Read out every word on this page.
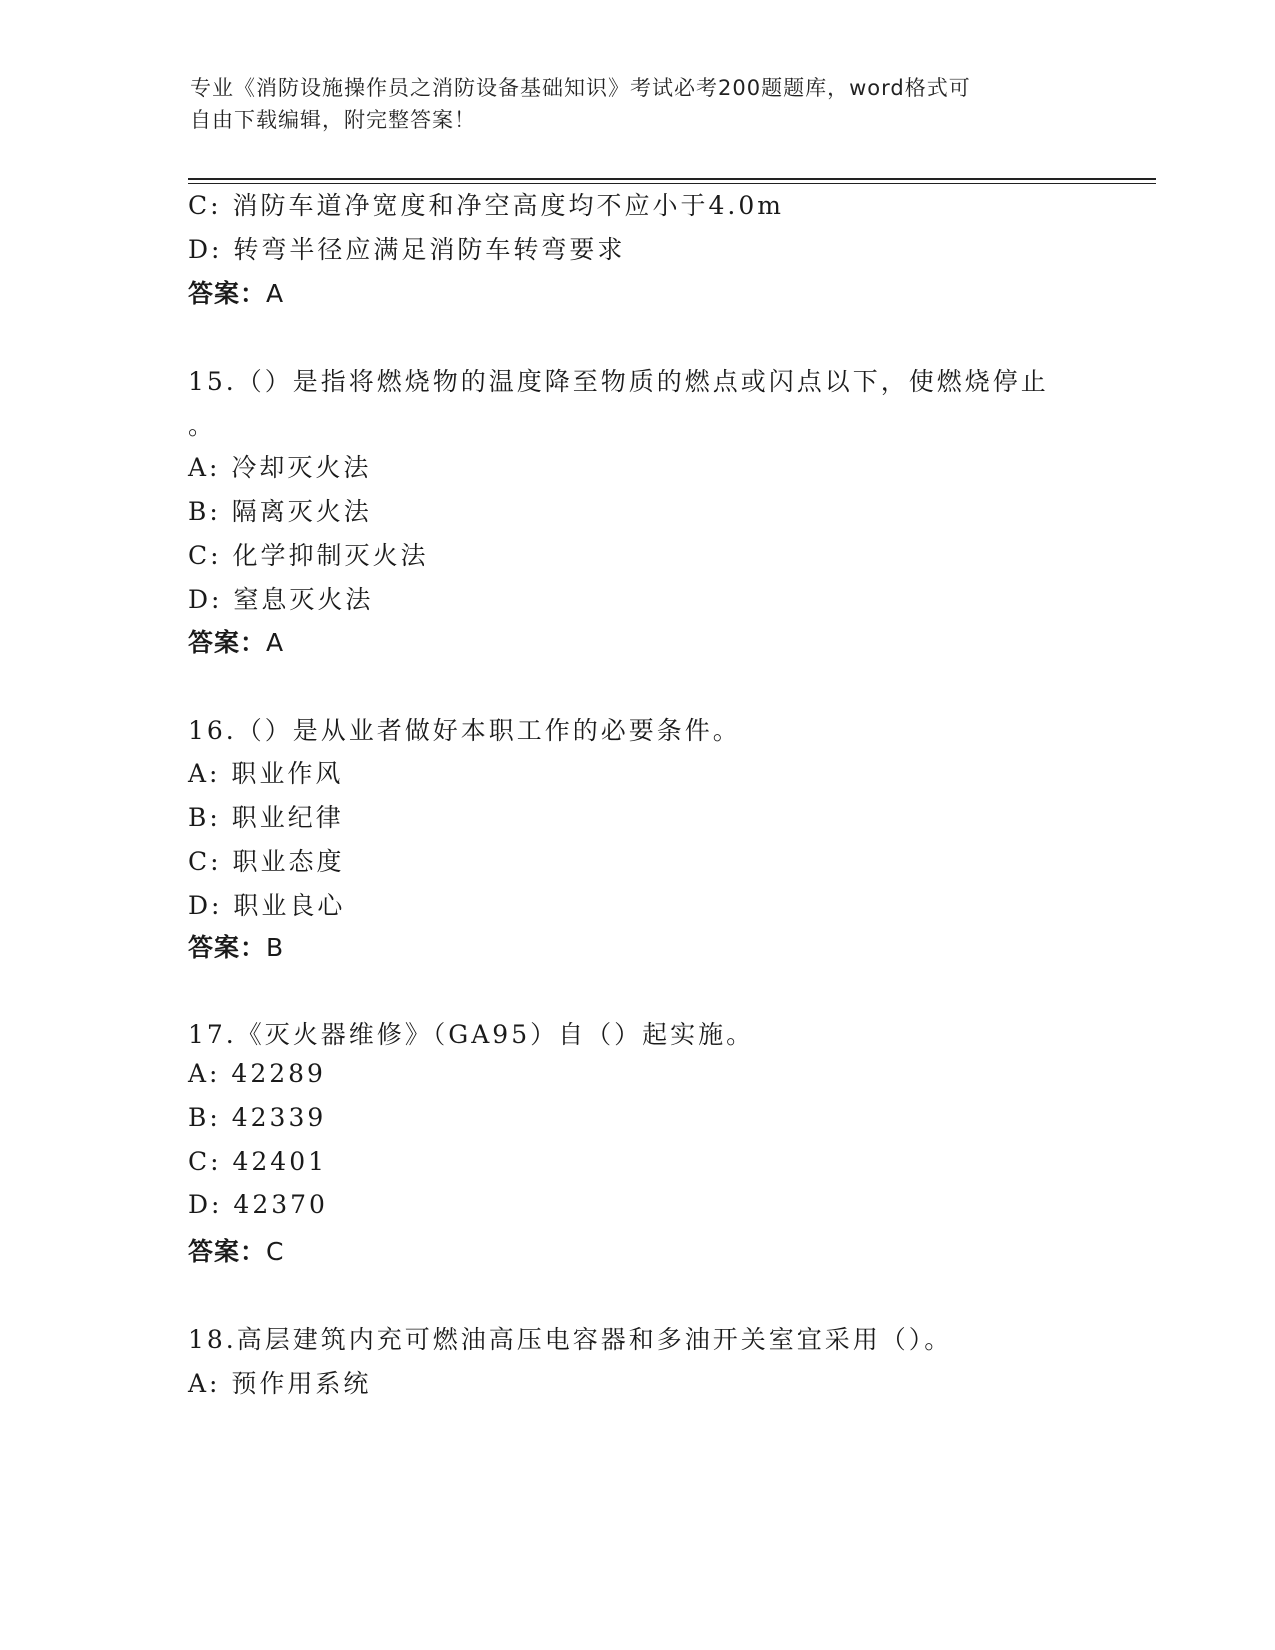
专业《消防设施操作员之消防设备基础知识》考试必考200题题库，word格式可
自由下载编辑，附完整答案！
C: 消防车道净宽度和净空高度均不应小于4.0m
D: 转弯半径应满足消防车转弯要求
答案：A
15.（）是指将燃烧物的温度降至物质的燃点或闪点以下，使燃烧停止
。
A: 冷却灭火法
B: 隔离灭火法
C: 化学抑制灭火法
D: 窒息灭火法
答案：A
16.（）是从业者做好本职工作的必要条件。
A: 职业作风
B: 职业纪律
C: 职业态度
D: 职业良心
答案：B
17.《灭火器维修》（GA95）自（）起实施。
A: 42289
B: 42339
C: 42401
D: 42370
答案：C
18.高层建筑内充可燃油高压电容器和多油开关室宜采用（）。
A: 预作用系统
